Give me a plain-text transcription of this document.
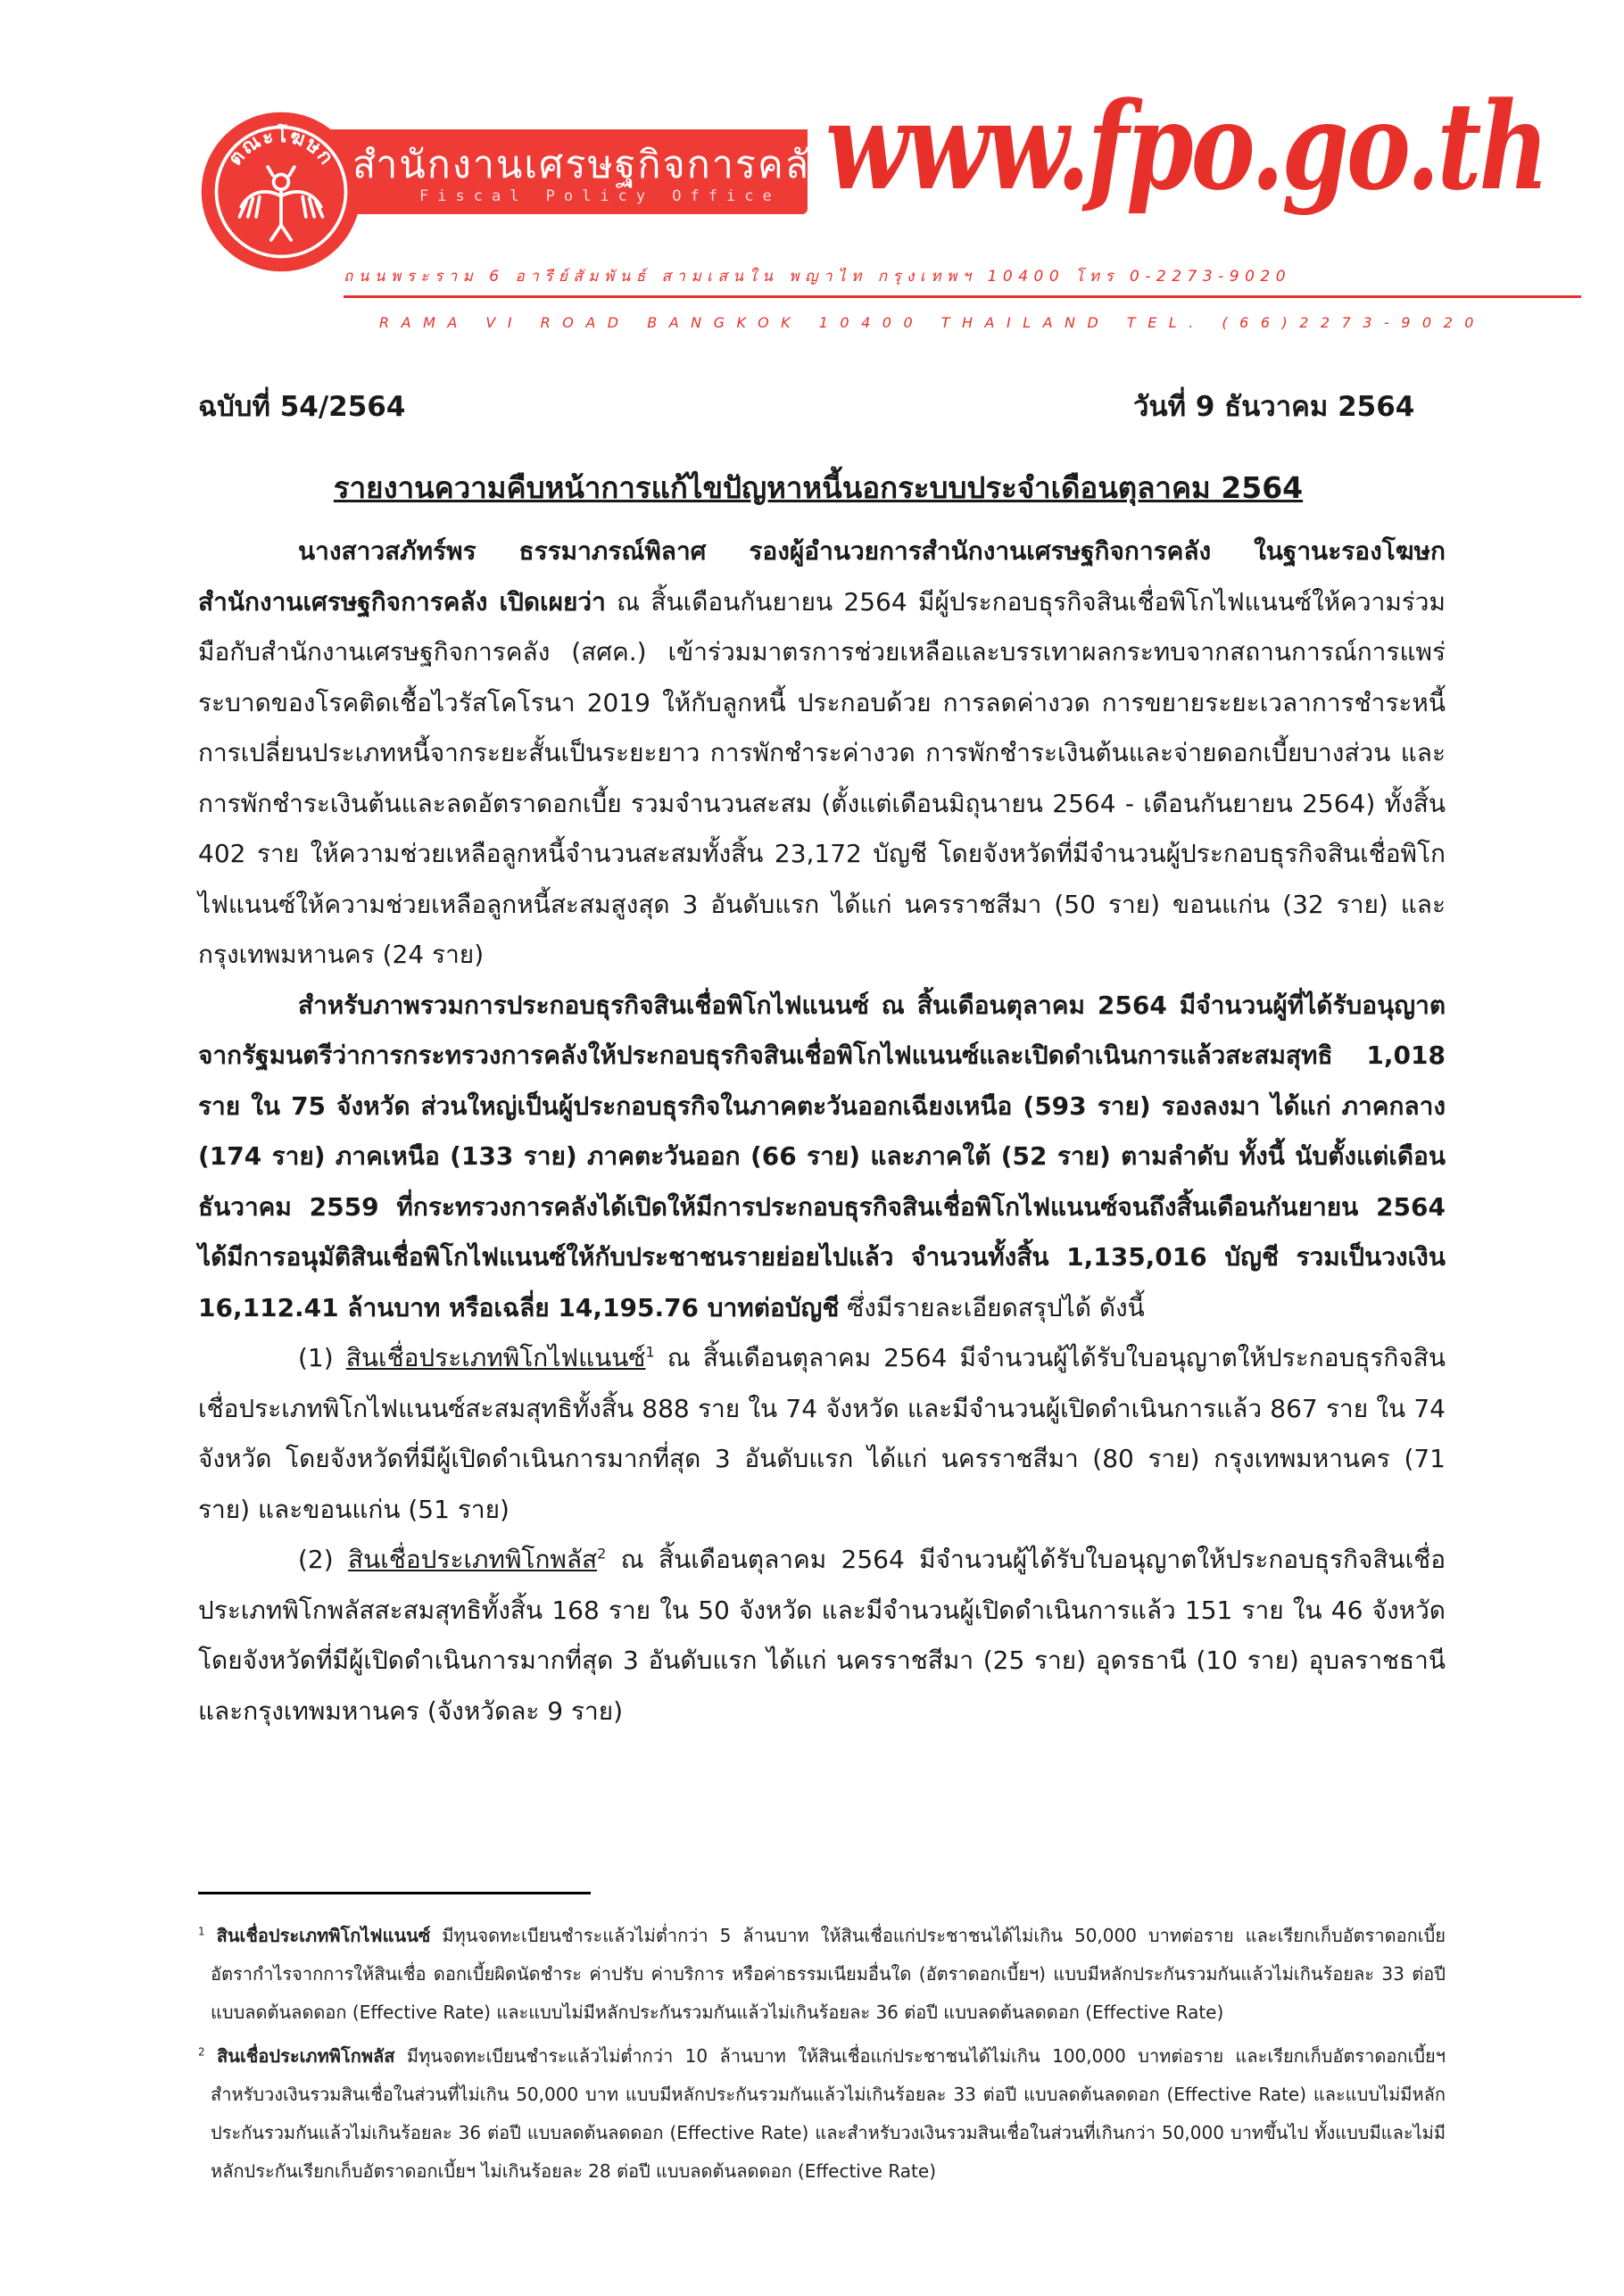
ตณะโฆษก สำนักงานเศรษฐกิจการคลัง
Fiscal Policy Office www.fpo.go.th
ถนนพระราม 6 อารีย์สัมพันธ์ สามเสนใน พญาไท กรุงเทพฯ 10400 โทร 0-2273-9020
RAMA VI ROAD BANGKOK 10400 THAILAND TEL. (66)2273-9020
ฉบับที่ 54/2564	วันที่ 9 ธันวาคม 2564
รายงานความคืบหน้าการแก้ไขปัญหาหนี้นอกระบบประจำเดือนตุลาคม 2564

นางสาวสภัทร์พร ธรรมาภรณ์พิลาศ รองผู้อำนวยการสำนักงานเศรษฐกิจการคลัง ในฐานะรองโฆษกสำนักงานเศรษฐกิจการคลัง เปิดเผยว่า ณ สิ้นเดือนกันยายน 2564 มีผู้ประกอบธุรกิจสินเชื่อพิโกไฟแนนซ์ให้ความร่วมมือกับสำนักงานเศรษฐกิจการคลัง (สศค.) เข้าร่วมมาตรการช่วยเหลือและบรรเทาผลกระทบจากสถานการณ์การแพร่ระบาดของโรคติดเชื้อไวรัสโคโรนา 2019 ให้กับลูกหนี้ ประกอบด้วย การลดค่างวด การขยายระยะเวลาการชำระหนี้ การเปลี่ยนประเภทหนี้จากระยะสั้นเป็นระยะยาว การพักชำระค่างวด การพักชำระเงินต้นและจ่ายดอกเบี้ยบางส่วน และการพักชำระเงินต้นและลดอัตราดอกเบี้ย รวมจำนวนสะสม (ตั้งแต่เดือนมิถุนายน 2564 - เดือนกันยายน 2564) ทั้งสิ้น 402 ราย ให้ความช่วยเหลือลูกหนี้จำนวนสะสมทั้งสิ้น 23,172 บัญชี โดยจังหวัดที่มีจำนวนผู้ประกอบธุรกิจสินเชื่อพิโกไฟแนนซ์ให้ความช่วยเหลือลูกหนี้สะสมสูงสุด 3 อันดับแรก ได้แก่ นครราชสีมา (50 ราย) ขอนแก่น (32 ราย) และกรุงเทพมหานคร (24 ราย)

สำหรับภาพรวมการประกอบธุรกิจสินเชื่อพิโกไฟแนนซ์ ณ สิ้นเดือนตุลาคม 2564 มีจำนวนผู้ที่ได้รับอนุญาตจากรัฐมนตรีว่าการกระทรวงการคลังให้ประกอบธุรกิจสินเชื่อพิโกไฟแนนซ์และเปิดดำเนินการแล้วสะสมสุทธิ 1,018 ราย ใน 75 จังหวัด ส่วนใหญ่เป็นผู้ประกอบธุรกิจในภาคตะวันออกเฉียงเหนือ (593 ราย) รองลงมา ได้แก่ ภาคกลาง (174 ราย) ภาคเหนือ (133 ราย) ภาคตะวันออก (66 ราย) และภาคใต้ (52 ราย) ตามลำดับ ทั้งนี้ นับตั้งแต่เดือนธันวาคม 2559 ที่กระทรวงการคลังได้เปิดให้มีการประกอบธุรกิจสินเชื่อพิโกไฟแนนซ์จนถึงสิ้นเดือนกันยายน 2564 ได้มีการอนุมัติสินเชื่อพิโกไฟแนนซ์ให้กับประชาชนรายย่อยไปแล้ว จำนวนทั้งสิ้น 1,135,016 บัญชี รวมเป็นวงเงิน 16,112.41 ล้านบาท หรือเฉลี่ย 14,195.76 บาทต่อบัญชี ซึ่งมีรายละเอียดสรุปได้ ดังนี้

(1) สินเชื่อประเภทพิโกไฟแนนซ์$^1$ ณ สิ้นเดือนตุลาคม 2564 มีจำนวนผู้ได้รับใบอนุญาตให้ประกอบธุรกิจสินเชื่อประเภทพิโกไฟแนนซ์สะสมสุทธิทั้งสิ้น 888 ราย ใน 74 จังหวัด และมีจำนวนผู้เปิดดำเนินการแล้ว 867 ราย ใน 74 จังหวัด โดยจังหวัดที่มีผู้เปิดดำเนินการมากที่สุด 3 อันดับแรก ได้แก่ นครราชสีมา (80 ราย) กรุงเทพมหานคร (71 ราย) และขอนแก่น (51 ราย)

(2) สินเชื่อประเภทพิโกพลัส$^2$ ณ สิ้นเดือนตุลาคม 2564 มีจำนวนผู้ได้รับใบอนุญาตให้ประกอบธุรกิจสินเชื่อประเภทพิโกพลัสสะสมสุทธิทั้งสิ้น 168 ราย ใน 50 จังหวัด และมีจำนวนผู้เปิดดำเนินการแล้ว 151 ราย ใน 46 จังหวัด โดยจังหวัดที่มีผู้เปิดดำเนินการมากที่สุด 3 อันดับแรก ได้แก่ นครราชสีมา (25 ราย) อุดรธานี (10 ราย) อุบลราชธานีและกรุงเทพมหานคร (จังหวัดละ 9 ราย)

$^1$ สินเชื่อประเภทพิโกไฟแนนซ์ มีทุนจดทะเบียนชำระแล้วไม่ต่ำกว่า 5 ล้านบาท ให้สินเชื่อแก่ประชาชนได้ไม่เกิน 50,000 บาทต่อราย และเรียกเก็บอัตราดอกเบี้ย อัตรากำไรจากการให้สินเชื่อ ดอกเบี้ยผิดนัดชำระ ค่าปรับ ค่าบริการ หรือค่าธรรมเนียมอื่นใด (อัตราดอกเบี้ยฯ) แบบมีหลักประกันรวมกันแล้วไม่เกินร้อยละ 33 ต่อปี แบบลดต้นลดดอก (Effective Rate) และแบบไม่มีหลักประกันรวมกันแล้วไม่เกินร้อยละ 36 ต่อปี แบบลดต้นลดดอก (Effective Rate)

$^2$ สินเชื่อประเภทพิโกพลัส มีทุนจดทะเบียนชำระแล้วไม่ต่ำกว่า 10 ล้านบาท ให้สินเชื่อแก่ประชาชนได้ไม่เกิน 100,000 บาทต่อราย และเรียกเก็บอัตราดอกเบี้ยฯ สำหรับวงเงินรวมสินเชื่อในส่วนที่ไม่เกิน 50,000 บาท แบบมีหลักประกันรวมกันแล้วไม่เกินร้อยละ 33 ต่อปี แบบลดต้นลดดอก (Effective Rate) และแบบไม่มีหลักประกันรวมกันแล้วไม่เกินร้อยละ 36 ต่อปี แบบลดต้นลดดอก (Effective Rate) และสำหรับวงเงินรวมสินเชื่อในส่วนที่เกินกว่า 50,000 บาทขึ้นไป ทั้งแบบมีและไม่มีหลักประกันเรียกเก็บอัตราดอกเบี้ยฯ ไม่เกินร้อยละ 28 ต่อปี แบบลดต้นลดดอก (Effective Rate)
